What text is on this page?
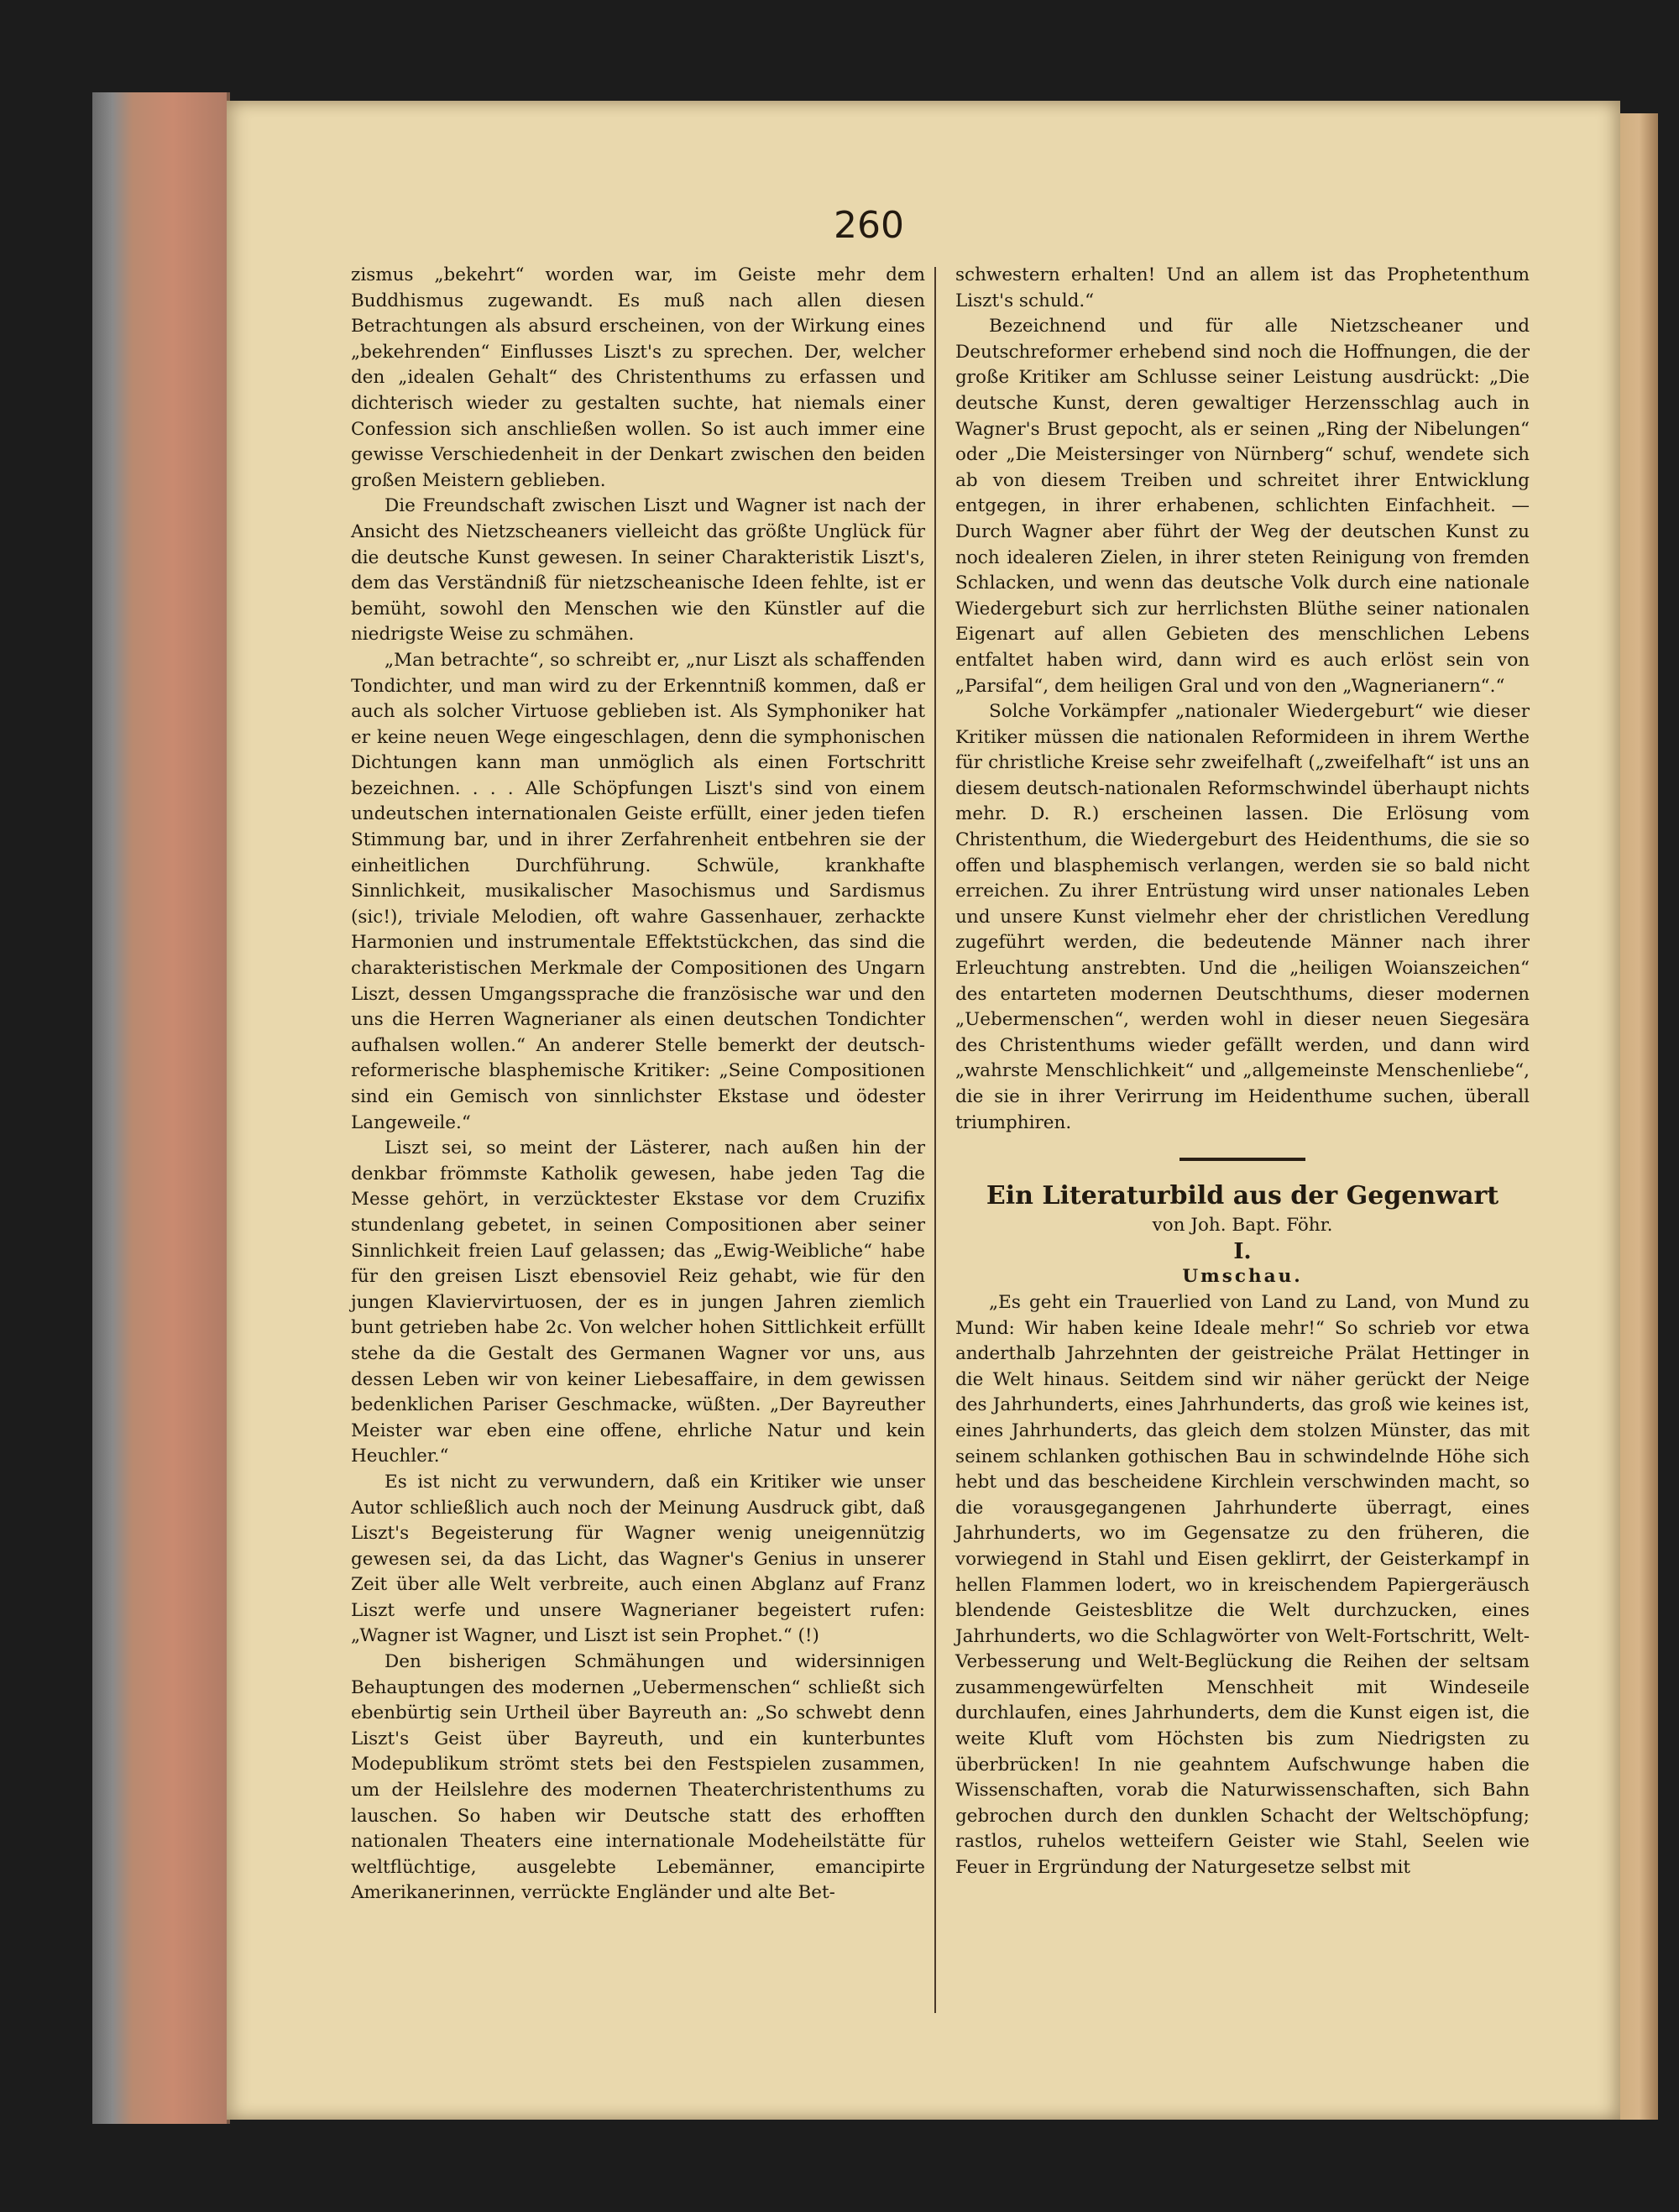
260

zismus „bekehrt“ worden war, im Geiste mehr dem Buddhismus zugewandt. Es muß nach allen diesen Betrachtungen als absurd erscheinen, von der Wirkung eines „bekehrenden“ Einflusses Liszt's zu sprechen. Der, welcher den „idealen Gehalt“ des Christenthums zu erfassen und dichterisch wieder zu gestalten suchte, hat niemals einer Confession sich anschließen wollen. So ist auch immer eine gewisse Verschiedenheit in der Denkart zwischen den beiden großen Meistern geblieben.

Die Freundschaft zwischen Liszt und Wagner ist nach der Ansicht des Nietzscheaners vielleicht das größte Unglück für die deutsche Kunst gewesen. In seiner Charakteristik Liszt's, dem das Verständniß für nietzscheanische Ideen fehlte, ist er bemüht, sowohl den Menschen wie den Künstler auf die niedrigste Weise zu schmähen.

„Man betrachte“, so schreibt er, „nur Liszt als schaffenden Tondichter, und man wird zu der Erkenntniß kommen, daß er auch als solcher Virtuose geblieben ist. Als Symphoniker hat er keine neuen Wege eingeschlagen, denn die symphonischen Dichtungen kann man unmöglich als einen Fortschritt bezeichnen. . . . Alle Schöpfungen Liszt's sind von einem undeutschen internationalen Geiste erfüllt, einer jeden tiefen Stimmung bar, und in ihrer Zerfahrenheit entbehren sie der einheitlichen Durchführung. Schwüle, krankhafte Sinnlichkeit, musikalischer Masochismus und Sardismus (sic!), triviale Melodien, oft wahre Gassenhauer, zerhackte Harmonien und instrumentale Effektstückchen, das sind die charakteristischen Merkmale der Compositionen des Ungarn Liszt, dessen Umgangssprache die französische war und den uns die Herren Wagnerianer als einen deutschen Tondichter aufhalsen wollen.“ An anderer Stelle bemerkt der deutsch-reformerische blasphemische Kritiker: „Seine Compositionen sind ein Gemisch von sinnlichster Ekstase und ödester Langeweile.“

Liszt sei, so meint der Lästerer, nach außen hin der denkbar frömmste Katholik gewesen, habe jeden Tag die Messe gehört, in verzücktester Ekstase vor dem Cruzifix stundenlang gebetet, in seinen Compositionen aber seiner Sinnlichkeit freien Lauf gelassen; das „Ewig-Weibliche“ habe für den greisen Liszt ebensoviel Reiz gehabt, wie für den jungen Klaviervirtuosen, der es in jungen Jahren ziemlich bunt getrieben habe 2c. Von welcher hohen Sittlichkeit erfüllt stehe da die Gestalt des Germanen Wagner vor uns, aus dessen Leben wir von keiner Liebesaffaire, in dem gewissen bedenklichen Pariser Geschmacke, wüßten. „Der Bayreuther Meister war eben eine offene, ehrliche Natur und kein Heuchler.“

Es ist nicht zu verwundern, daß ein Kritiker wie unser Autor schließlich auch noch der Meinung Ausdruck gibt, daß Liszt's Begeisterung für Wagner wenig uneigennützig gewesen sei, da das Licht, das Wagner's Genius in unserer Zeit über alle Welt verbreite, auch einen Abglanz auf Franz Liszt werfe und unsere Wagnerianer begeistert rufen: „Wagner ist Wagner, und Liszt ist sein Prophet.“ (!)

Den bisherigen Schmähungen und widersinnigen Behauptungen des modernen „Uebermenschen“ schließt sich ebenbürtig sein Urtheil über Bayreuth an: „So schwebt denn Liszt's Geist über Bayreuth, und ein kunterbuntes Modepublikum strömt stets bei den Festspielen zusammen, um der Heilslehre des modernen Theaterchristenthums zu lauschen. So haben wir Deutsche statt des erhofften nationalen Theaters eine internationale Modeheilstätte für weltflüchtige, ausgelebte Lebemänner, emancipirte Amerikanerinnen, verrückte Engländer und alte Bet-

schwestern erhalten! Und an allem ist das Prophetenthum Liszt's schuld.“

Bezeichnend und für alle Nietzscheaner und Deutschreformer erhebend sind noch die Hoffnungen, die der große Kritiker am Schlusse seiner Leistung ausdrückt: „Die deutsche Kunst, deren gewaltiger Herzensschlag auch in Wagner's Brust gepocht, als er seinen „Ring der Nibelungen“ oder „Die Meistersinger von Nürnberg“ schuf, wendete sich ab von diesem Treiben und schreitet ihrer Entwicklung entgegen, in ihrer erhabenen, schlichten Einfachheit. — Durch Wagner aber führt der Weg der deutschen Kunst zu noch idealeren Zielen, in ihrer steten Reinigung von fremden Schlacken, und wenn das deutsche Volk durch eine nationale Wiedergeburt sich zur herrlichsten Blüthe seiner nationalen Eigenart auf allen Gebieten des menschlichen Lebens entfaltet haben wird, dann wird es auch erlöst sein von „Parsifal“, dem heiligen Gral und von den „Wagnerianern“.“

Solche Vorkämpfer „nationaler Wiedergeburt“ wie dieser Kritiker müssen die nationalen Reformideen in ihrem Werthe für christliche Kreise sehr zweifelhaft („zweifelhaft“ ist uns an diesem deutsch-nationalen Reformschwindel überhaupt nichts mehr. D. R.) erscheinen lassen. Die Erlösung vom Christenthum, die Wiedergeburt des Heidenthums, die sie so offen und blasphemisch verlangen, werden sie so bald nicht erreichen. Zu ihrer Entrüstung wird unser nationales Leben und unsere Kunst vielmehr eher der christlichen Veredlung zugeführt werden, die bedeutende Männer nach ihrer Erleuchtung anstrebten. Und die „heiligen Woianszeichen“ des entarteten modernen Deutschthums, dieser modernen „Uebermenschen“, werden wohl in dieser neuen Siegesära des Christenthums wieder gefällt werden, und dann wird „wahrste Menschlichkeit“ und „allgemeinste Menschenliebe“, die sie in ihrer Verirrung im Heidenthume suchen, überall triumphiren.

Ein Literaturbild aus der Gegenwart

von Joh. Bapt. Föhr.

I.

Umschau.

„Es geht ein Trauerlied von Land zu Land, von Mund zu Mund: Wir haben keine Ideale mehr!“ So schrieb vor etwa anderthalb Jahrzehnten der geistreiche Prälat Hettinger in die Welt hinaus. Seitdem sind wir näher gerückt der Neige des Jahrhunderts, eines Jahrhunderts, das groß wie keines ist, eines Jahrhunderts, das gleich dem stolzen Münster, das mit seinem schlanken gothischen Bau in schwindelnde Höhe sich hebt und das bescheidene Kirchlein verschwinden macht, so die vorausgegangenen Jahrhunderte überragt, eines Jahrhunderts, wo im Gegensatze zu den früheren, die vorwiegend in Stahl und Eisen geklirrt, der Geisterkampf in hellen Flammen lodert, wo in kreischendem Papiergeräusch blendende Geistesblitze die Welt durchzucken, eines Jahrhunderts, wo die Schlagwörter von Welt-Fortschritt, Welt-Verbesserung und Welt-Beglückung die Reihen der seltsam zusammengewürfelten Menschheit mit Windeseile durchlaufen, eines Jahrhunderts, dem die Kunst eigen ist, die weite Kluft vom Höchsten bis zum Niedrigsten zu überbrücken! In nie geahntem Aufschwunge haben die Wissenschaften, vorab die Naturwissenschaften, sich Bahn gebrochen durch den dunklen Schacht der Weltschöpfung; rastlos, ruhelos wetteifern Geister wie Stahl, Seelen wie Feuer in Ergründung der Naturgesetze selbst mit
